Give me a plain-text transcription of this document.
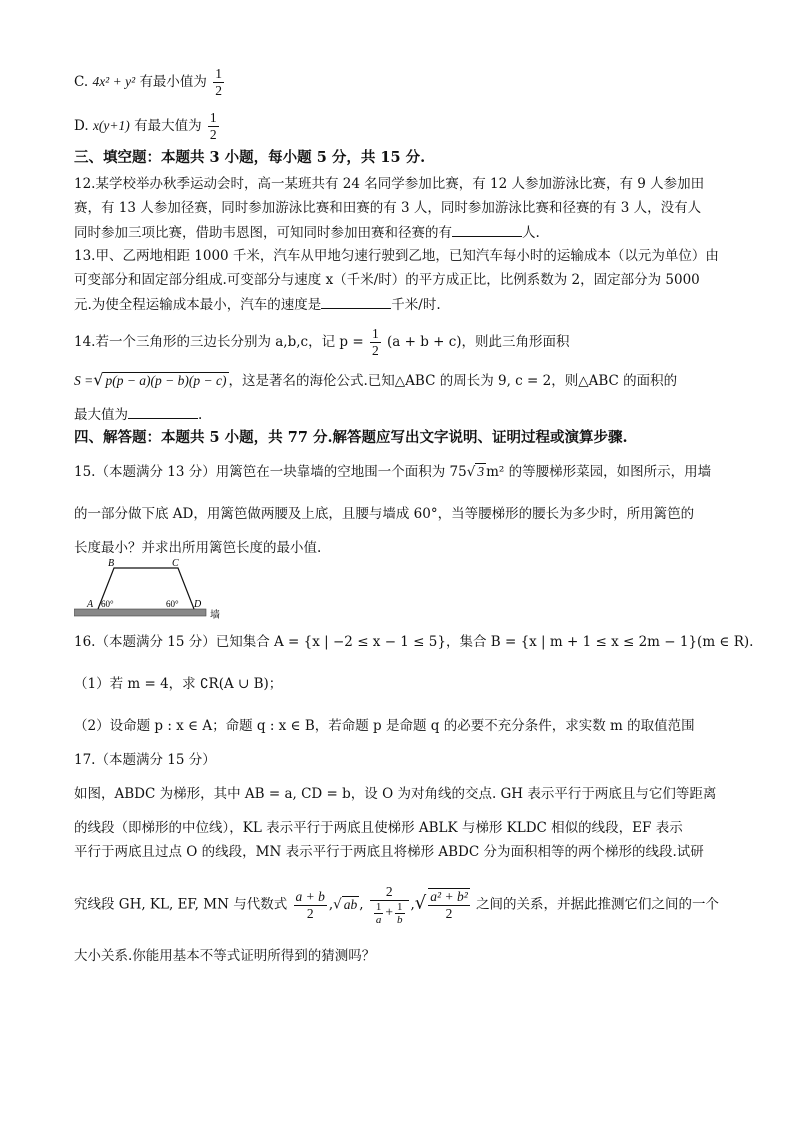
C. 4x² + y² 有最小值为 $\frac{1}{2}$
D. x(y+1) 有最大值为 $\frac{1}{2}$
三、填空题：本题共 3 小题，每小题 5 分，共 15 分.
12.某学校举办秋季运动会时，高一某班共有 24 名同学参加比赛，有 12 人参加游泳比赛，有 9 人参加田
赛，有 13 人参加径赛，同时参加游泳比赛和田赛的有 3 人，同时参加游泳比赛和径赛的有 3 人，没有人
同时参加三项比赛，借助韦恩图，可知同时参加田赛和径赛的有	人.
13.甲、乙两地相距 1000 千米，汽车从甲地匀速行驶到乙地，已知汽车每小时的运输成本（以元为单位）由
可变部分和固定部分组成.可变部分与速度 x（千米/时）的平方成正比，比例系数为 2，固定部分为 5000
元.为使全程运输成本最小，汽车的速度是	千米/时.
14.若一个三角形的三边长分别为 a,b,c，记 $p = \frac{1}{2} (a + b + c)$，则此三角形面积
S =√ p(p − a)(p − b)(p − c) ，这是著名的海伦公式.已知△ABC 的周长为 9, c = 2，则△ABC 的面积的
最大值为	.
四、解答题：本题共 5 小题，共 77 分.解答题应写出文字说明、证明过程或演算步骤.
15.（本题满分 13 分）用篱笆在一块靠墙的空地围一个面积为 75√ 3 m² 的等腰梯形菜园，如图所示，用墙
的一部分做下底 AD，用篱笆做两腰及上底，且腰与墙成 60°，当等腰梯形的腰长为多少时，所用篱笆的
长度最小？并求出所用篱笆长度的最小值.
B	C
A	D
60°	60°
墙
16.（本题满分 15 分）已知集合 A = {x | −2 ≤ x − 1 ≤ 5}，集合 B = {x | m + 1 ≤ x ≤ 2m − 1}(m ∈ R).
（1）若 m = 4，求 ∁R(A ∪ B)；
（2）设命题 p : x ∈ A；命题 q : x ∈ B，若命题 p 是命题 q 的必要不充分条件，求实数 m 的取值范围
17.（本题满分 15 分）
如图，ABDC 为梯形，其中 AB = a, CD = b，设 O 为对角线的交点. GH 表示平行于两底且与它们等距离
的线段（即梯形的中位线），KL 表示平行于两底且使梯形 ABLK 与梯形 KLDC 相似的线段，EF 表示
平行于两底且过点 O 的线段，MN 表示平行于两底且将梯形 ABDC 分为面积相等的两个梯形的线段.试研
究线段 GH, KL, EF, MN 与代数式 $\frac{a + b}{2}$ ,√ ab , $\frac{2}{\frac{1}{a} + \frac{1}{b}}$ ,√ $\frac{\text{a² + b²}}{2}$ 之间的关系，并据此推测它们之间的一个
大小关系.你能用基本不等式证明所得到的猜测吗？
